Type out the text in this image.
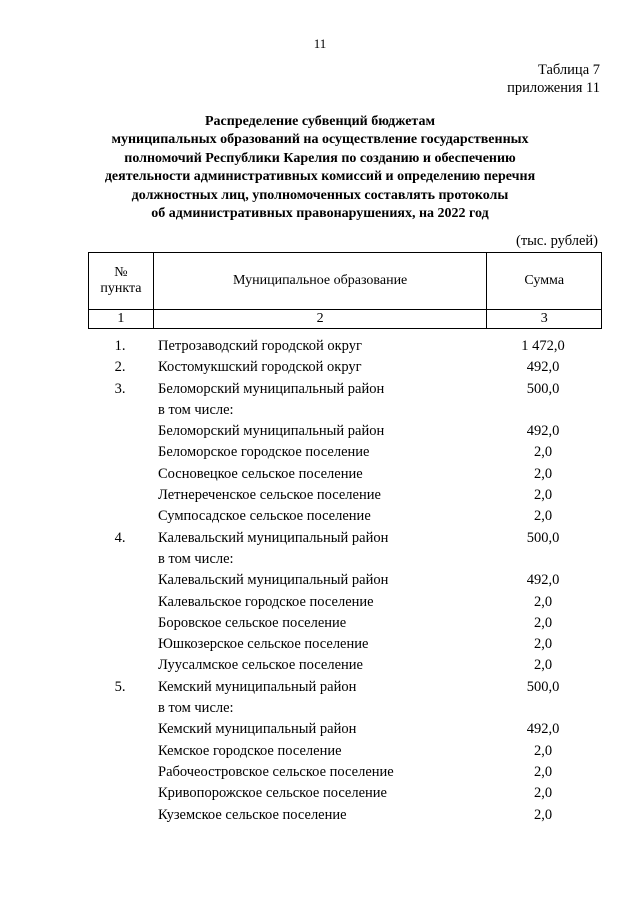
11
Таблица 7
приложения 11
Распределение субвенций бюджетам
муниципальных образований на осуществление государственных
полномочий Республики Карелия по созданию и обеспечению
деятельности административных комиссий и определению перечня
должностных лиц, уполномоченных составлять протоколы
об административных правонарушениях, на 2022 год
(тыс. рублей)
№
пункта	Муниципальное образование	Сумма
1	2	3
1.	Петрозаводский городской округ	1 472,0
2.	Костомукшский городской округ	492,0
3.	Беломорский муниципальный район	500,0
в том числе:
Беломорский муниципальный район	492,0
Беломорское городское поселение	2,0
Сосновецкое сельское поселение	2,0
Летнереченское сельское поселение	2,0
Сумпосадское сельское поселение	2,0
4.	Калевальский муниципальный район	500,0
в том числе:
Калевальский муниципальный район	492,0
Калевальское городское поселение	2,0
Боровское сельское поселение	2,0
Юшкозерское сельское поселение	2,0
Луусалмское сельское поселение	2,0
5.	Кемский муниципальный район	500,0
в том числе:
Кемский муниципальный район	492,0
Кемское городское поселение	2,0
Рабочеостровское сельское поселение	2,0
Кривопорожское сельское поселение	2,0
Куземское сельское поселение	2,0
